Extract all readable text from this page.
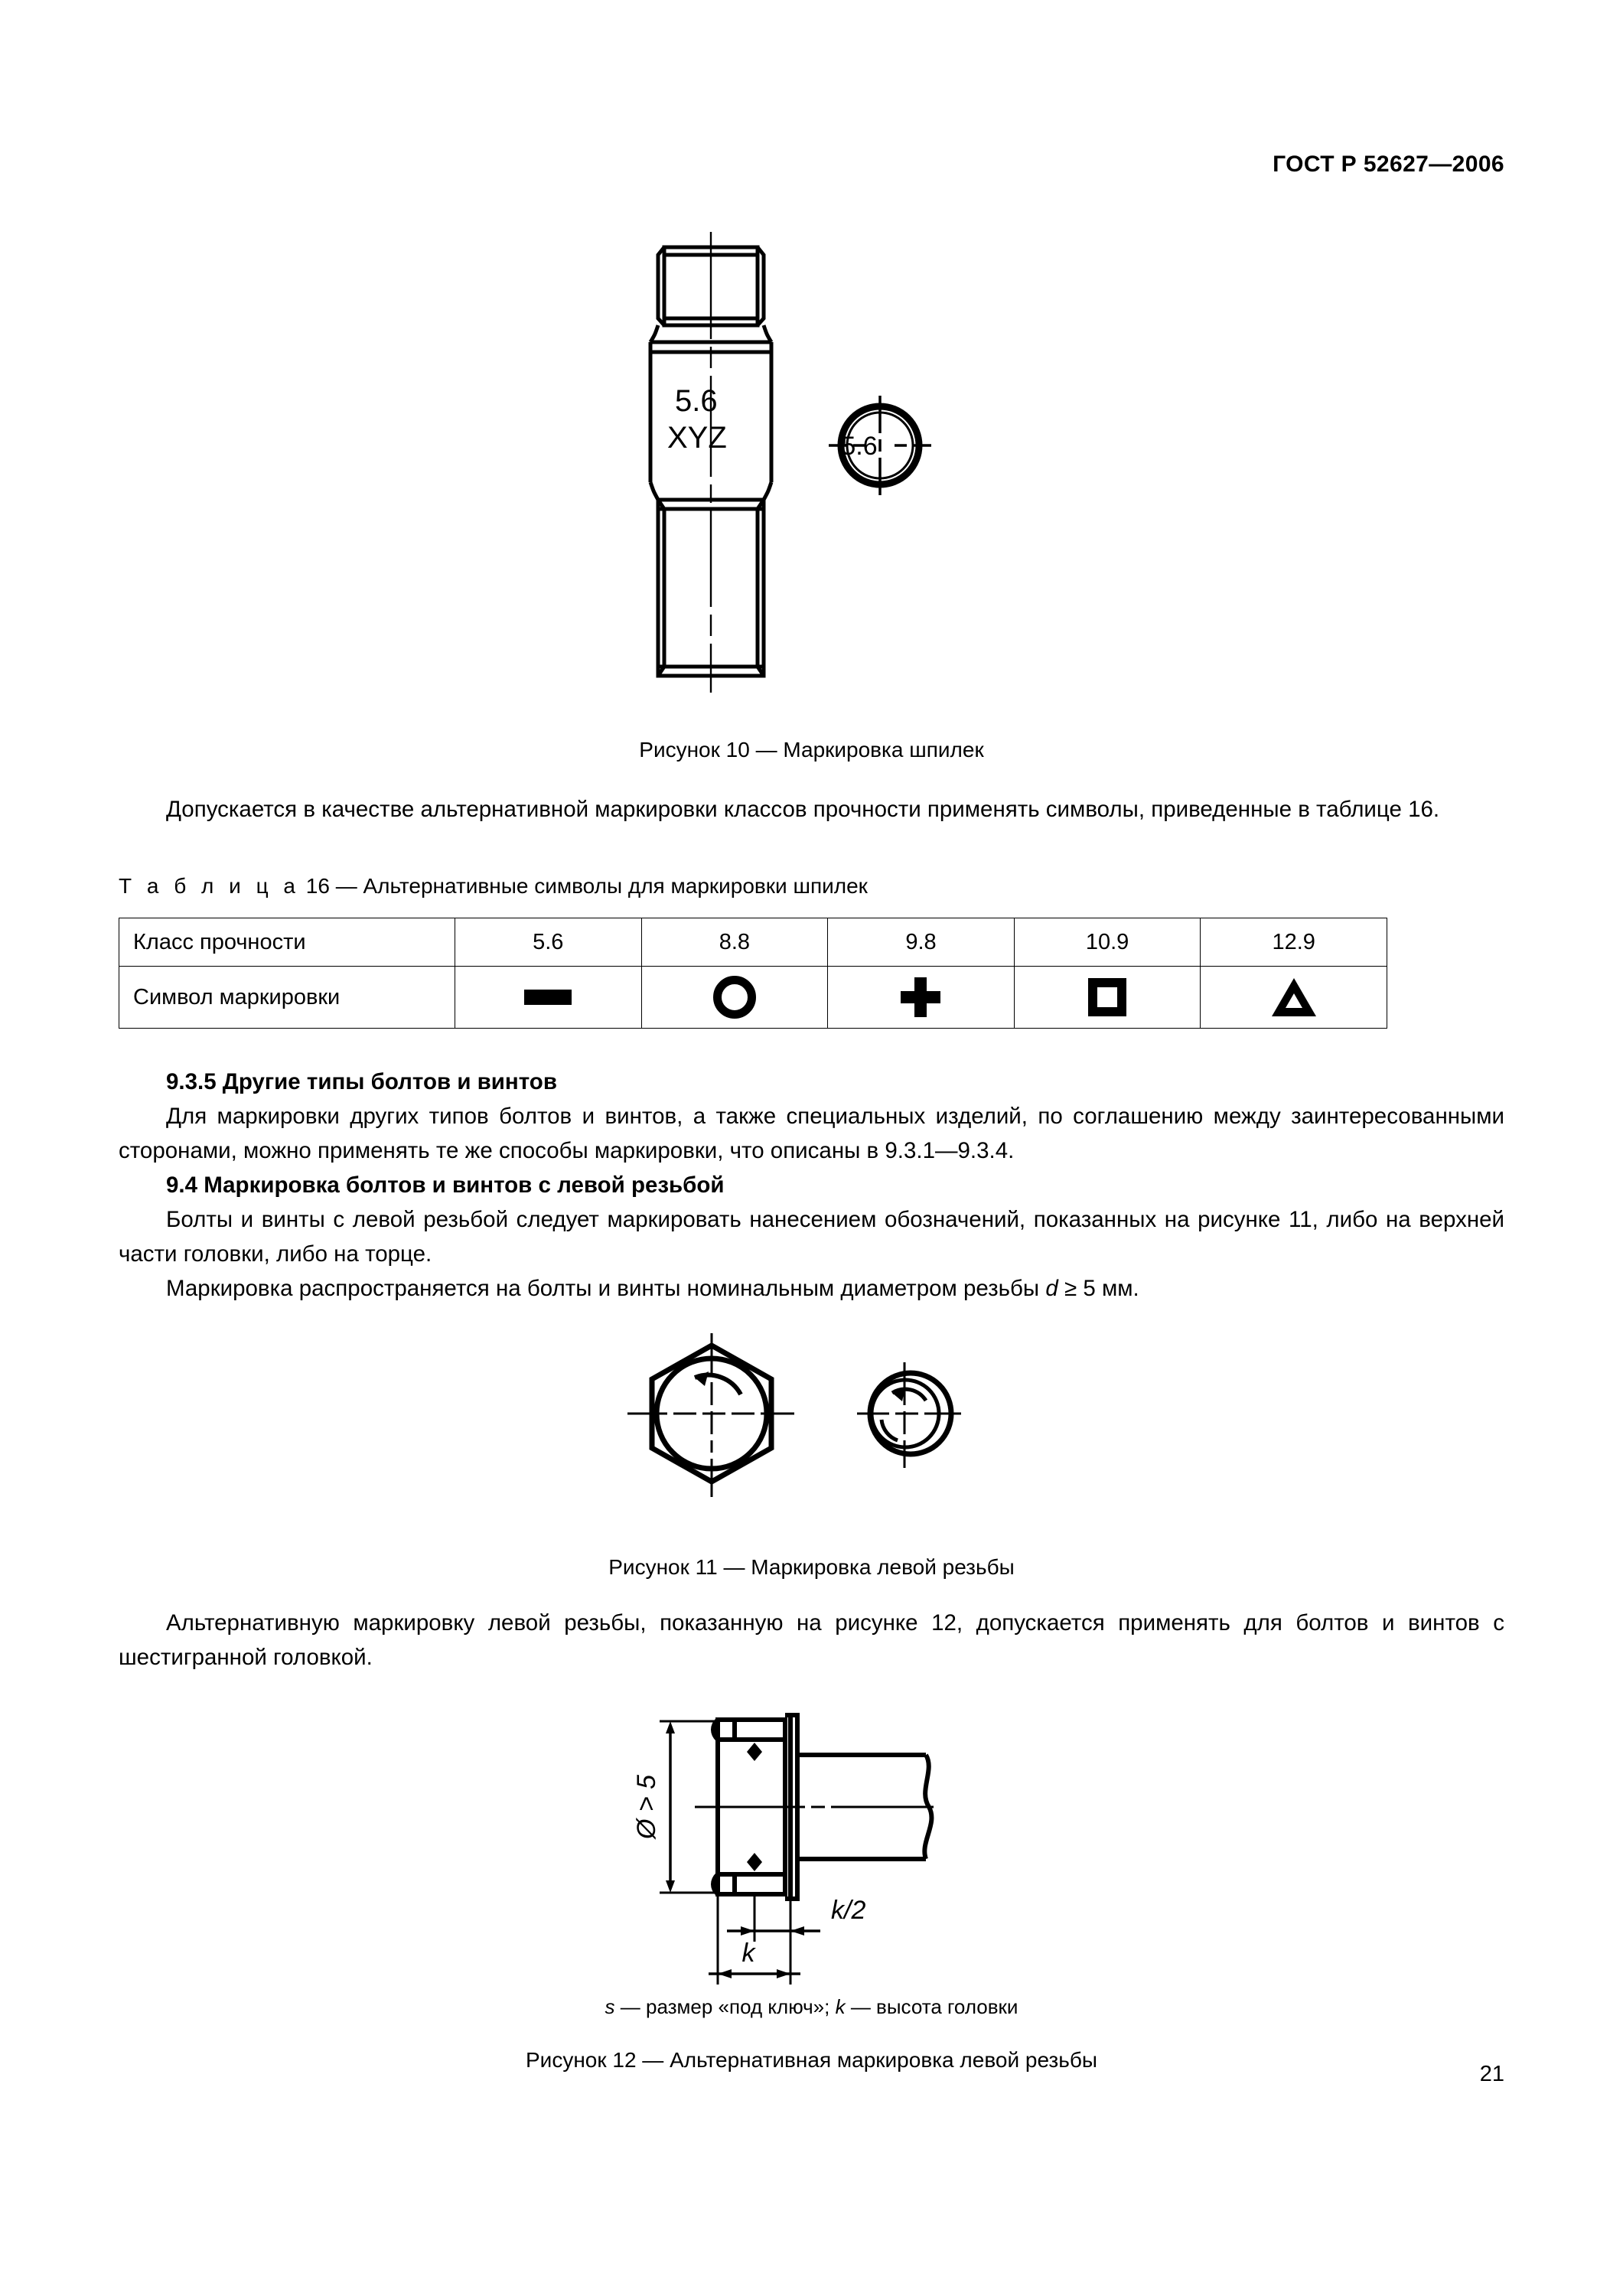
ГОСТ Р 52627—2006
5.6
XYZ	5.6
Рисунок 10 — Маркировка шпилек
Допускается в качестве альтернативной маркировки классов прочности применять символы, приведенные в таблице 16.
Т а б л и ц а 16 — Альтернативные символы для маркировки шпилек
Класс прочности	5.6	8.8	9.8	10.9	12.9
Символ маркировки	

9.3.5 Другие типы болтов и винтов
Для маркировки других типов болтов и винтов, а также специальных изделий, по соглашению между заинтересованными сторонами, можно применять те же способы маркировки, что описаны в 9.3.1—9.3.4.
9.4 Маркировка болтов и винтов с левой резьбой
Болты и винты с левой резьбой следует маркировать нанесением обозначений, показанных на рисунке 11, либо на верхней части головки, либо на торце.
Маркировка распространяется на болты и винты номинальным диаметром резьбы d ≥ 5 мм.
Рисунок 11 — Маркировка левой резьбы
Альтернативную маркировку левой резьбы, показанную на рисунке 12, допускается применять для болтов и винтов с шестигранной головкой.
Ø > 5
k/2
k
s — размер «под ключ»; k — высота головки
Рисунок 12 — Альтернативная маркировка левой резьбы
21
